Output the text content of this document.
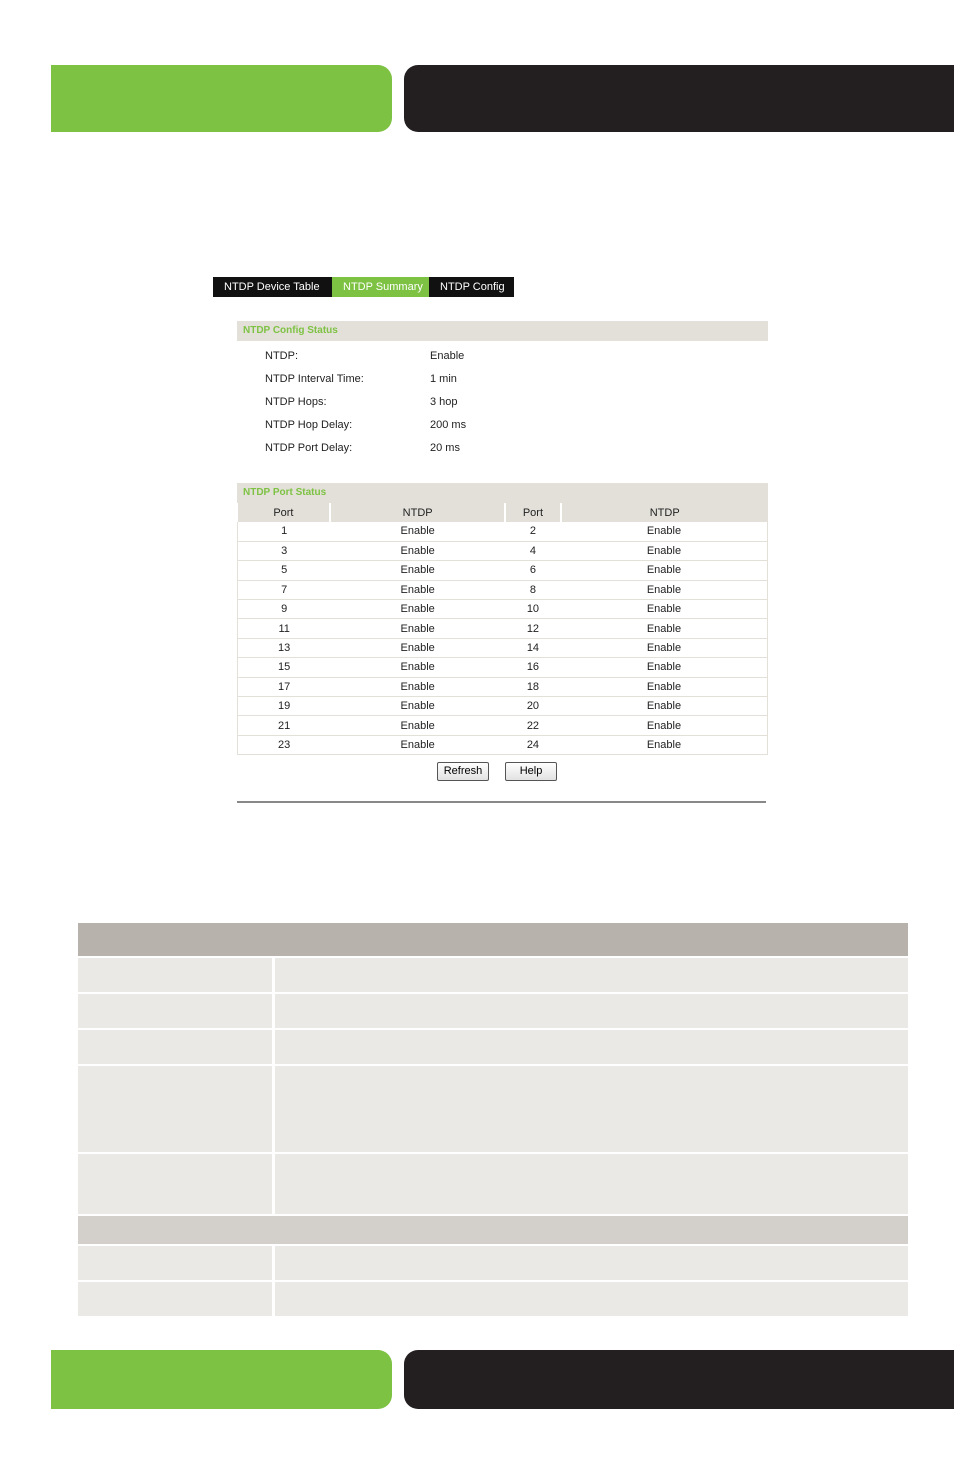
NTDP Device Table	NTDP Summary	NTDP Config
NTDP Config Status
NTDP:	Enable
NTDP Interval Time:	1 min
NTDP Hops:	3 hop
NTDP Hop Delay:	200 ms
NTDP Port Delay:	20 ms
NTDP Port Status
Port	NTDP	Port	NTDP
1	Enable	2	Enable
3	Enable	4	Enable
5	Enable	6	Enable
7	Enable	8	Enable
9	Enable	10	Enable
11	Enable	12	Enable
13	Enable	14	Enable
15	Enable	16	Enable
17	Enable	18	Enable
19	Enable	20	Enable
21	Enable	22	Enable
23	Enable	24	Enable
Refresh	Help
